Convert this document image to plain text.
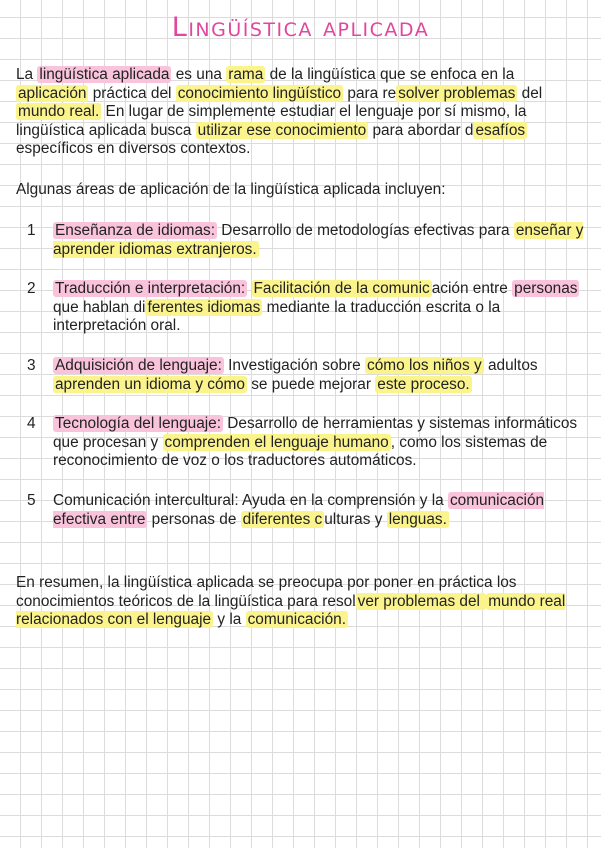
Lingüística aplicada

La lingüística aplicada es una rama de la lingüística que se enfoca en la aplicación práctica del conocimiento lingüístico para re solver problemas del mundo real. En lugar de simplemente estudiar el lenguaje por sí mismo, la lingüística aplicada busca utilizar ese conocimiento para abordar d esafíos específicos en diversos contextos.

Algunas áreas de aplicación de la lingüística aplicada incluyen:

1 Enseñanza de idiomas: Desarrollo de metodologías efectivas para enseñar y aprender idiomas extranjeros.
2 Traducción e interpretación: Facilitación de la comunic ación entre personas que hablan di ferentes idiomas mediante la traducción escrita o la interpretación oral.
3 Adquisición de lenguaje: Investigación sobre cómo los niños y adultos aprenden un idioma y cómo se puede mejorar este proceso.
4 Tecnología del lenguaje: Desarrollo de herramientas y sistemas informáticos que procesan y comprenden el lenguaje humano , como los sistemas de reconocimiento de voz o los traductores automáticos.
5 Comunicación intercultural: Ayuda en la comprensión y la comunicación efectiva entre personas de diferentes c ulturas y lenguas.

En resumen, la lingüística aplicada se preocupa por poner en práctica los conocimientos teóricos de la lingüística para resol ver problemas del mundo real relacionados con el lenguaje y la comunicación.
